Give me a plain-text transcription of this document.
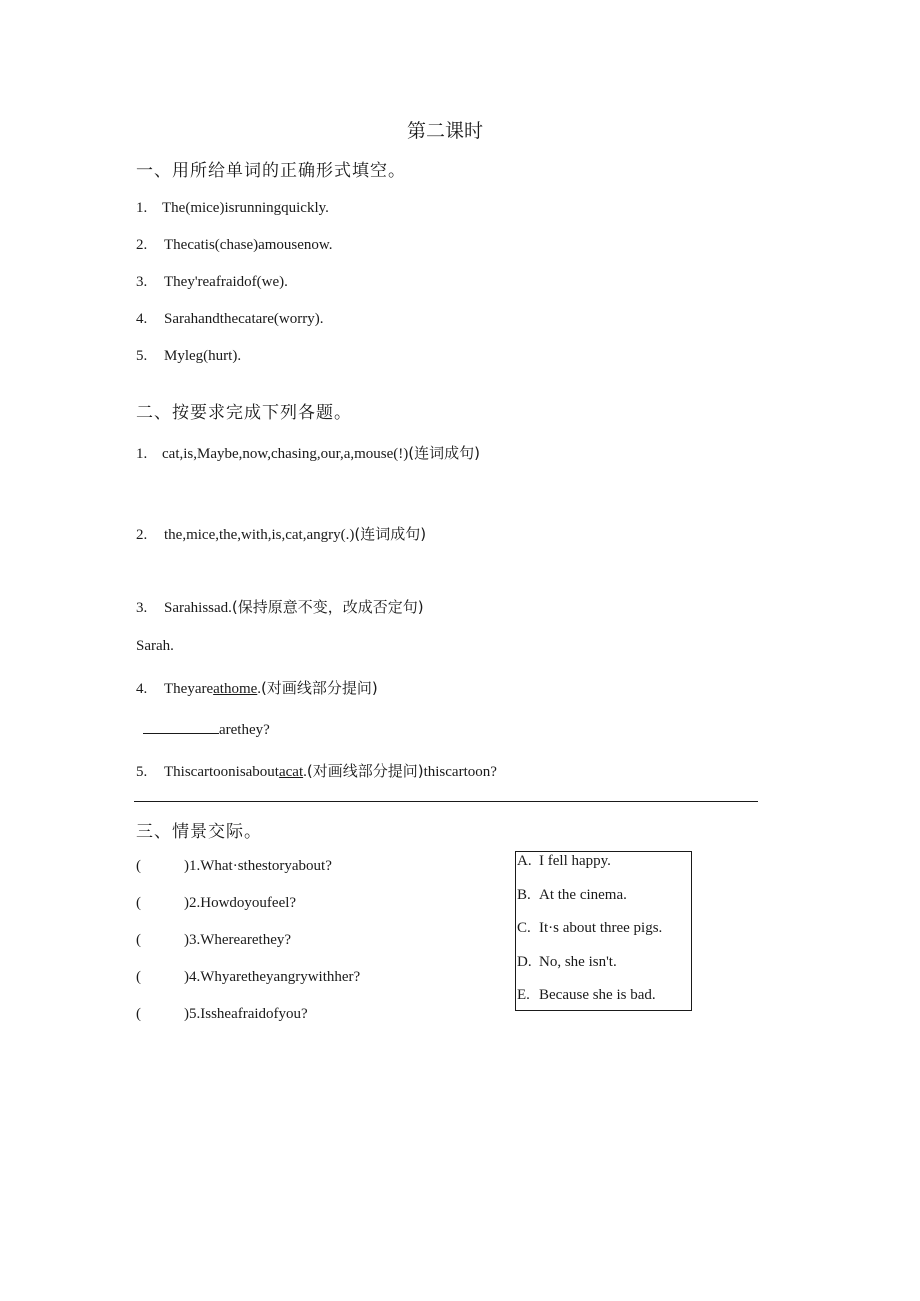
第二课时
一、用所给单词的正确形式填空。
1. The(mice)isrunningquickly.
2. Thecatis(chase)amousenow.
3. They'reafraidof(we).
4. Sarahandthecatare(worry).
5. Myleg(hurt).
二、按要求完成下列各题。
1. cat,is,Maybe,now,chasing,our,a,mouse(!)(连词成句)
2. the,mice,the,with,is,cat,angry(.)(连词成句)
3. Sarahissad.(保持原意不变，改成否定句)
Sarah.
4. Theyareathome.(对画线部分提问)
arethey?
5. Thiscartoonisaboutacat.(对画线部分提问)thiscartoon?
三、情景交际。
(	)1.What·sthestoryabout?
(	)2.Howdoyoufeel?
(	)3.Wherearethey?
(	)4.Whyaretheyangrywithher?
(	)5.Issheafraidofyou?
A. I fell happy.
B. At the cinema.
C. It·s about three pigs.
D. No, she isn't.
E. Because she is bad.
